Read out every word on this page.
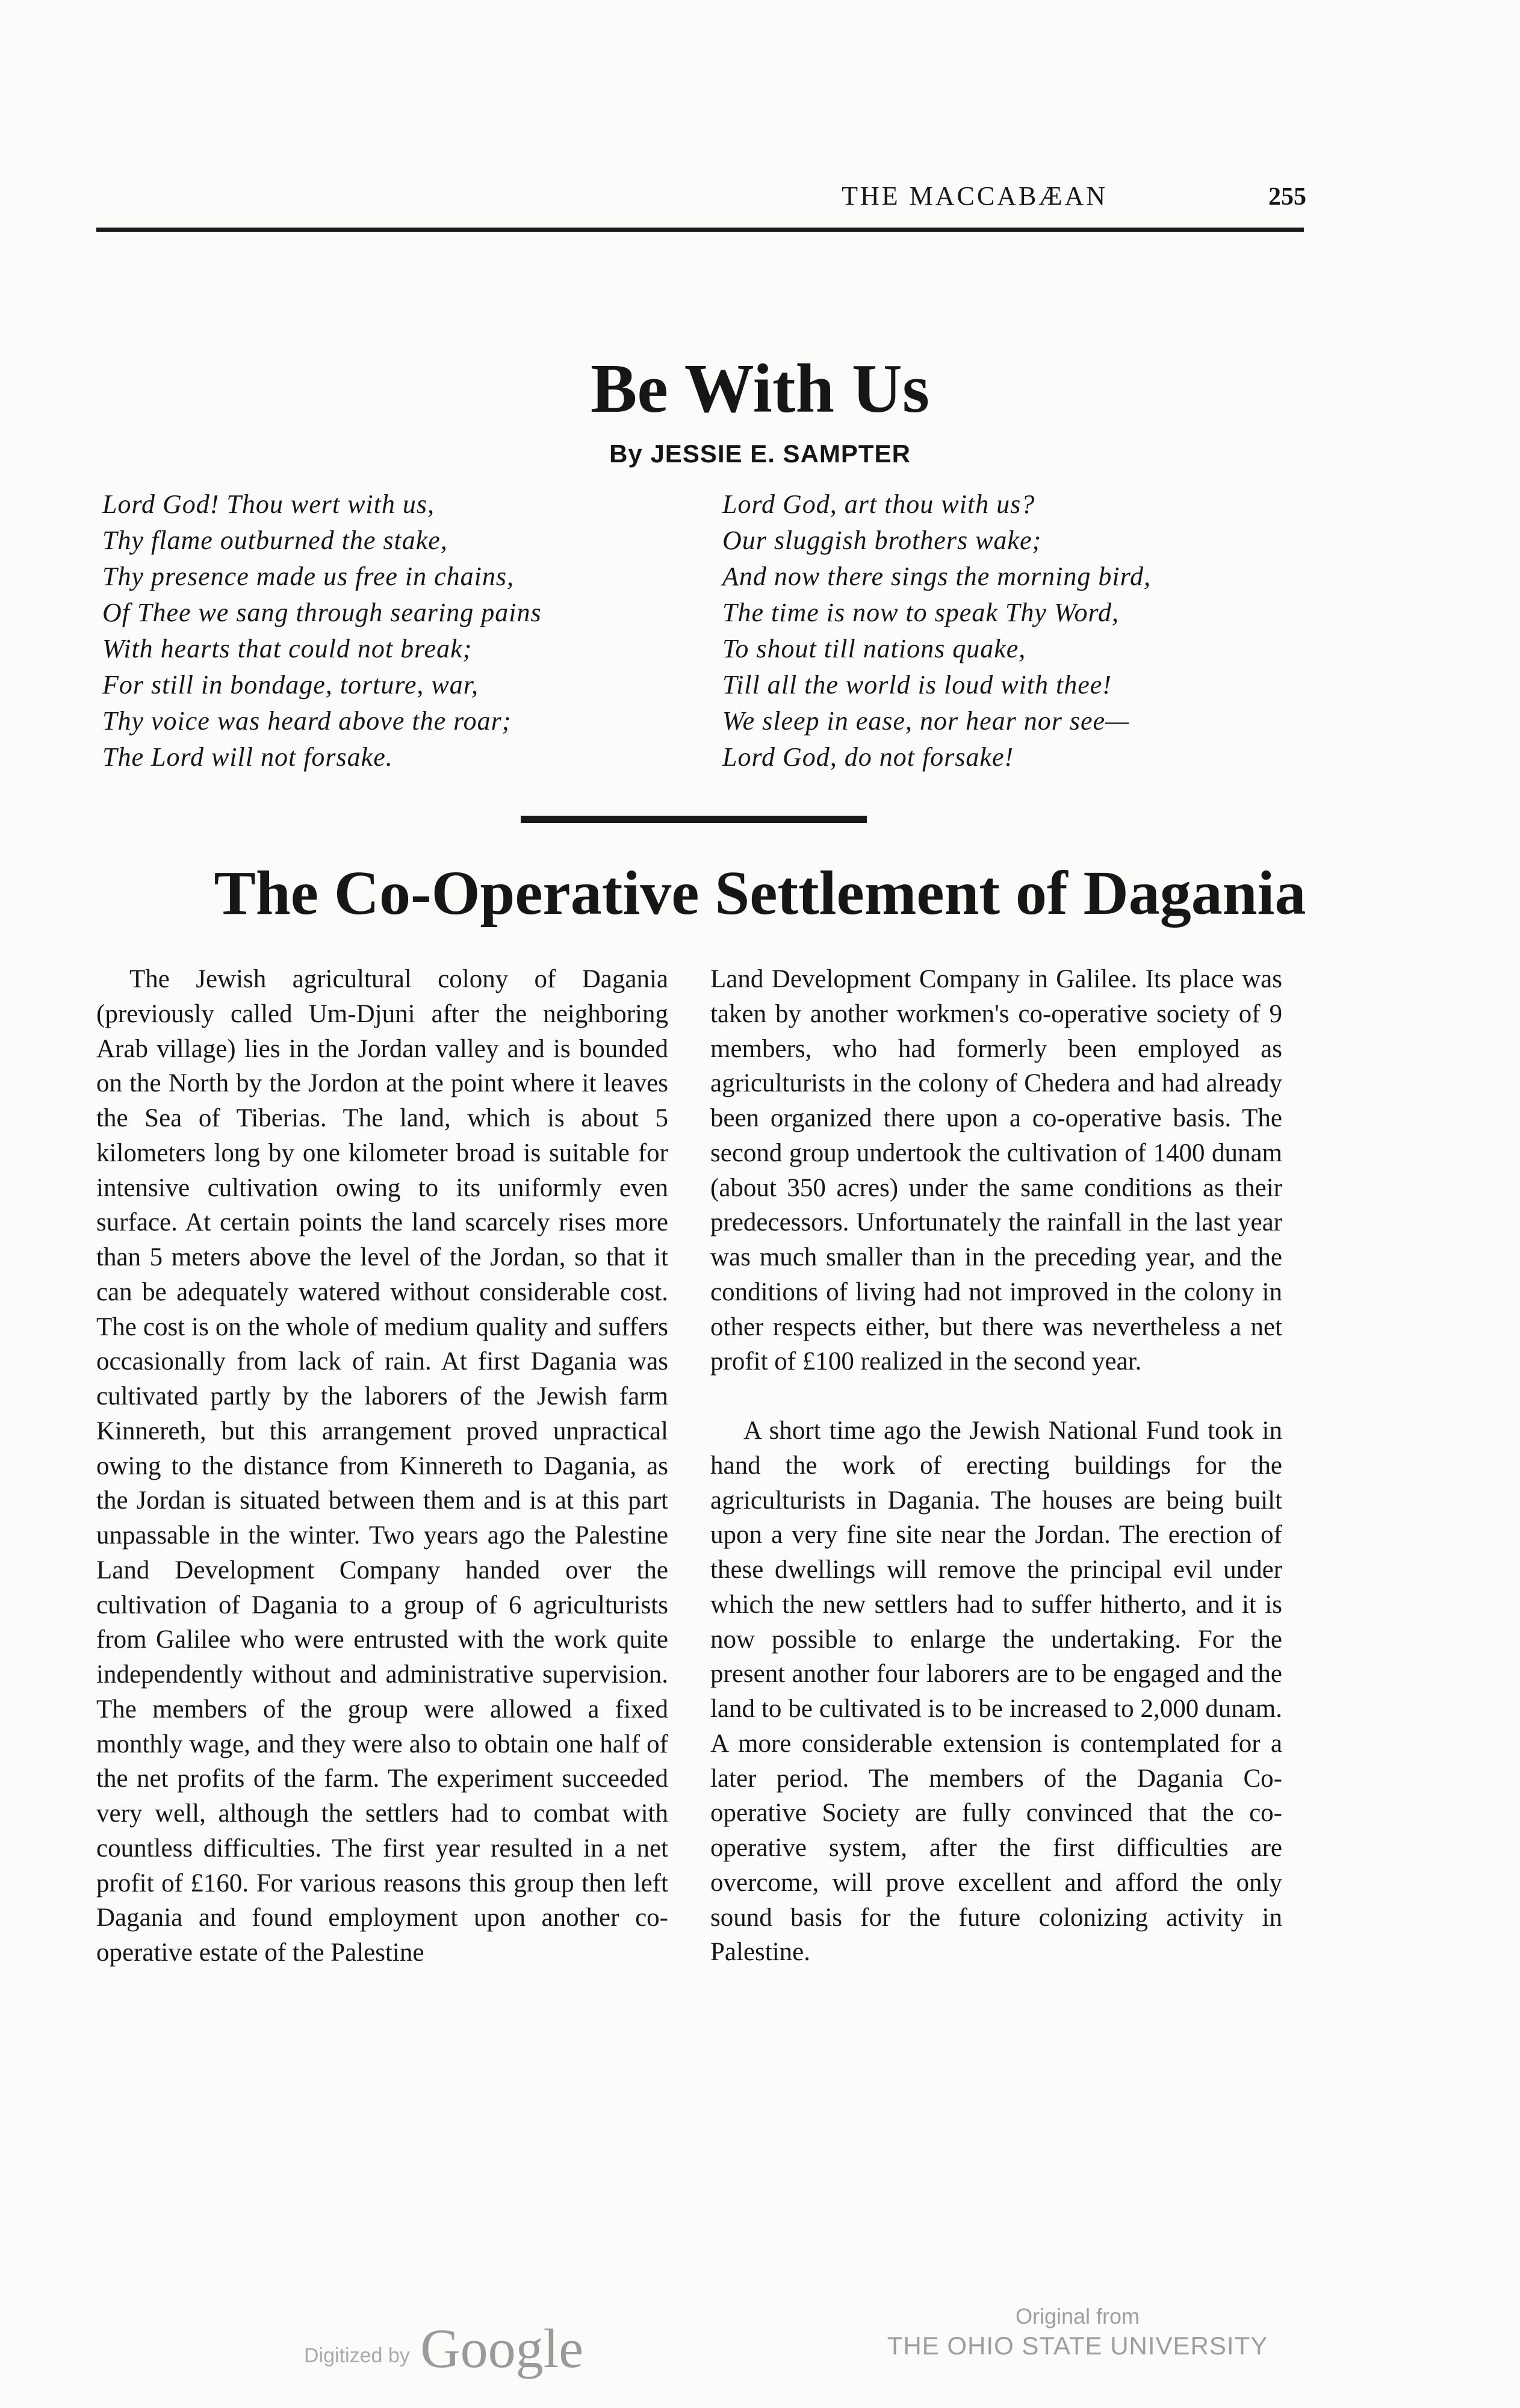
THE MACCABÆAN	255
Be With Us
By JESSIE E. SAMPTER
Lord God! Thou wert with us,
Thy flame outburned the stake,
Thy presence made us free in chains,
Of Thee we sang through searing pains
With hearts that could not break;
For still in bondage, torture, war,
Thy voice was heard above the roar;
The Lord will not forsake.
Lord God, art thou with us?
Our sluggish brothers wake;
And now there sings the morning bird,
The time is now to speak Thy Word,
To shout till nations quake,
Till all the world is loud with thee!
We sleep in ease, nor hear nor see—
Lord God, do not forsake!
The Co-Operative Settlement of Dagania

The Jewish agricultural colony of Dagania (previously called Um-Djuni after the neighboring Arab village) lies in the Jordan valley and is bounded on the North by the Jordon at the point where it leaves the Sea of Tiberias. The land, which is about 5 kilometers long by one kilometer broad is suitable for intensive cultivation owing to its uniformly even surface. At certain points the land scarcely rises more than 5 meters above the level of the Jordan, so that it can be adequately watered without considerable cost. The cost is on the whole of medium quality and suffers occasionally from lack of rain. At first Dagania was cultivated partly by the laborers of the Jewish farm Kinnereth, but this arrangement proved unpractical owing to the distance from Kinnereth to Dagania, as the Jordan is situated between them and is at this part unpassable in the winter. Two years ago the Palestine Land Development Company handed over the cultivation of Dagania to a group of 6 agriculturists from Galilee who were entrusted with the work quite independently without and administrative supervision. The members of the group were allowed a fixed monthly wage, and they were also to obtain one half of the net profits of the farm. The experiment succeeded very well, although the settlers had to combat with countless difficulties. The first year resulted in a net profit of £160. For various reasons this group then left Dagania and found employment upon another co-operative estate of the Palestine

Land Development Company in Galilee. Its place was taken by another workmen's co-operative society of 9 members, who had formerly been employed as agriculturists in the colony of Chedera and had already been organized there upon a co-operative basis. The second group undertook the cultivation of 1400 dunam (about 350 acres) under the same conditions as their predecessors. Unfortunately the rainfall in the last year was much smaller than in the preceding year, and the conditions of living had not improved in the colony in other respects either, but there was nevertheless a net profit of £100 realized in the second year.

A short time ago the Jewish National Fund took in hand the work of erecting buildings for the agriculturists in Dagania. The houses are being built upon a very fine site near the Jordan. The erection of these dwellings will remove the principal evil under which the new settlers had to suffer hitherto, and it is now possible to enlarge the undertaking. For the present another four laborers are to be engaged and the land to be cultivated is to be increased to 2,000 dunam. A more considerable extension is contemplated for a later period. The members of the Dagania Co-operative Society are fully convinced that the co-operative system, after the first difficulties are overcome, will prove excellent and afford the only sound basis for the future colonizing activity in Palestine.

Digitized by Google
Original from
THE OHIO STATE UNIVERSITY
